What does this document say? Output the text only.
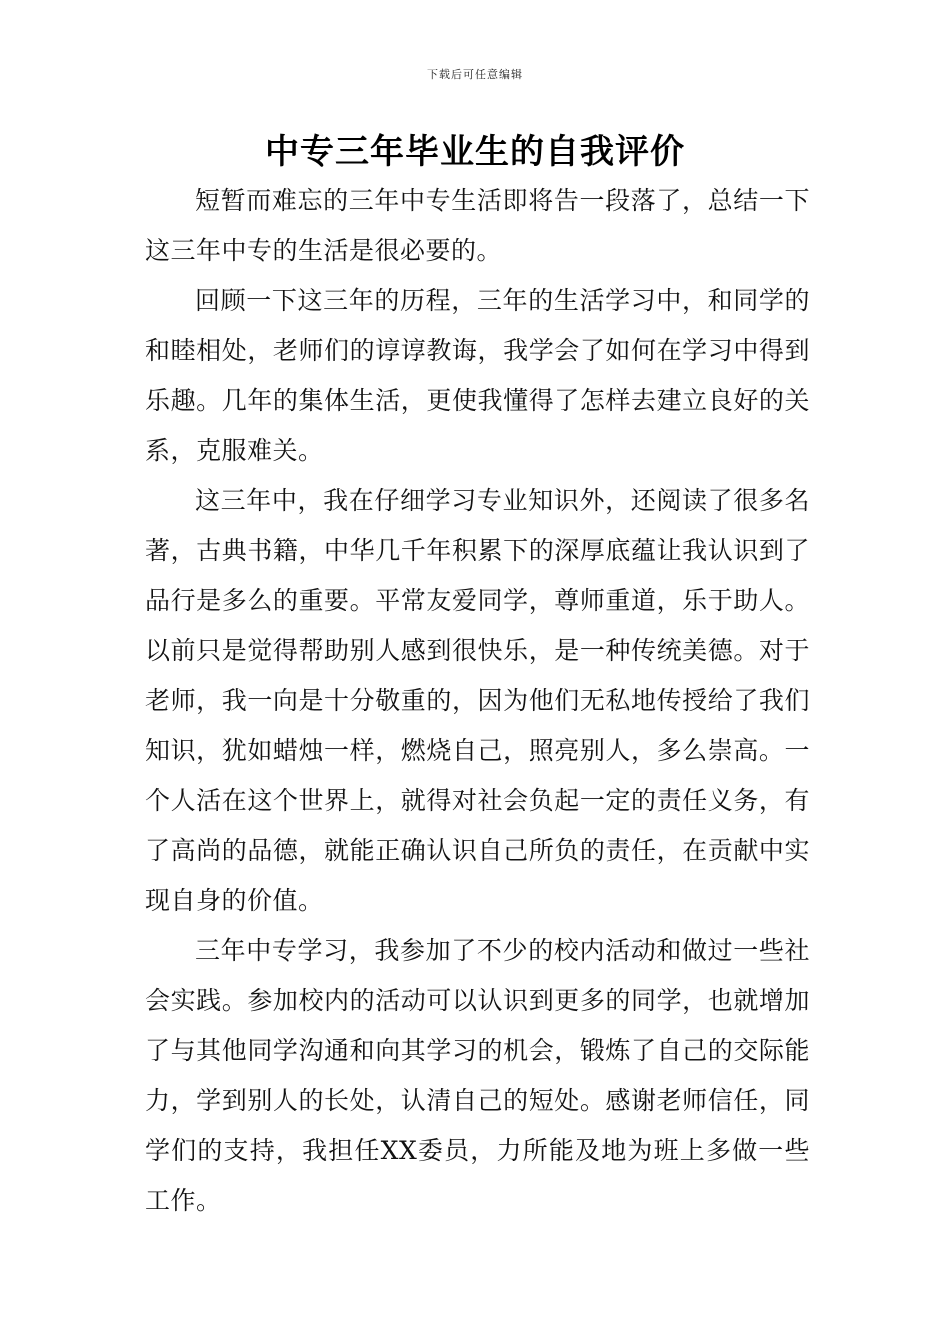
下载后可任意编辑
中专三年毕业生的自我评价

短暂而难忘的三年中专生活即将告一段落了，总结一下这三年中专的生活是很必要的。

回顾一下这三年的历程，三年的生活学习中，和同学的和睦相处，老师们的谆谆教诲，我学会了如何在学习中得到乐趣。几年的集体生活，更使我懂得了怎样去建立良好的关系，克服难关。

这三年中，我在仔细学习专业知识外，还阅读了很多名著，古典书籍，中华几千年积累下的深厚底蕴让我认识到了品行是多么的重要。平常友爱同学，尊师重道，乐于助人。以前只是觉得帮助别人感到很快乐，是一种传统美德。对于老师，我一向是十分敬重的，因为他们无私地传授给了我们知识，犹如蜡烛一样，燃烧自己，照亮别人，多么崇高。一个人活在这个世界上，就得对社会负起一定的责任义务，有了高尚的品德，就能正确认识自己所负的责任，在贡献中实现自身的价值。

三年中专学习，我参加了不少的校内活动和做过一些社会实践。参加校内的活动可以认识到更多的同学，也就增加了与其他同学沟通和向其学习的机会，锻炼了自己的交际能力，学到别人的长处，认清自己的短处。感谢老师信任，同学们的支持，我担任XX委员，力所能及地为班上多做一些工作。
